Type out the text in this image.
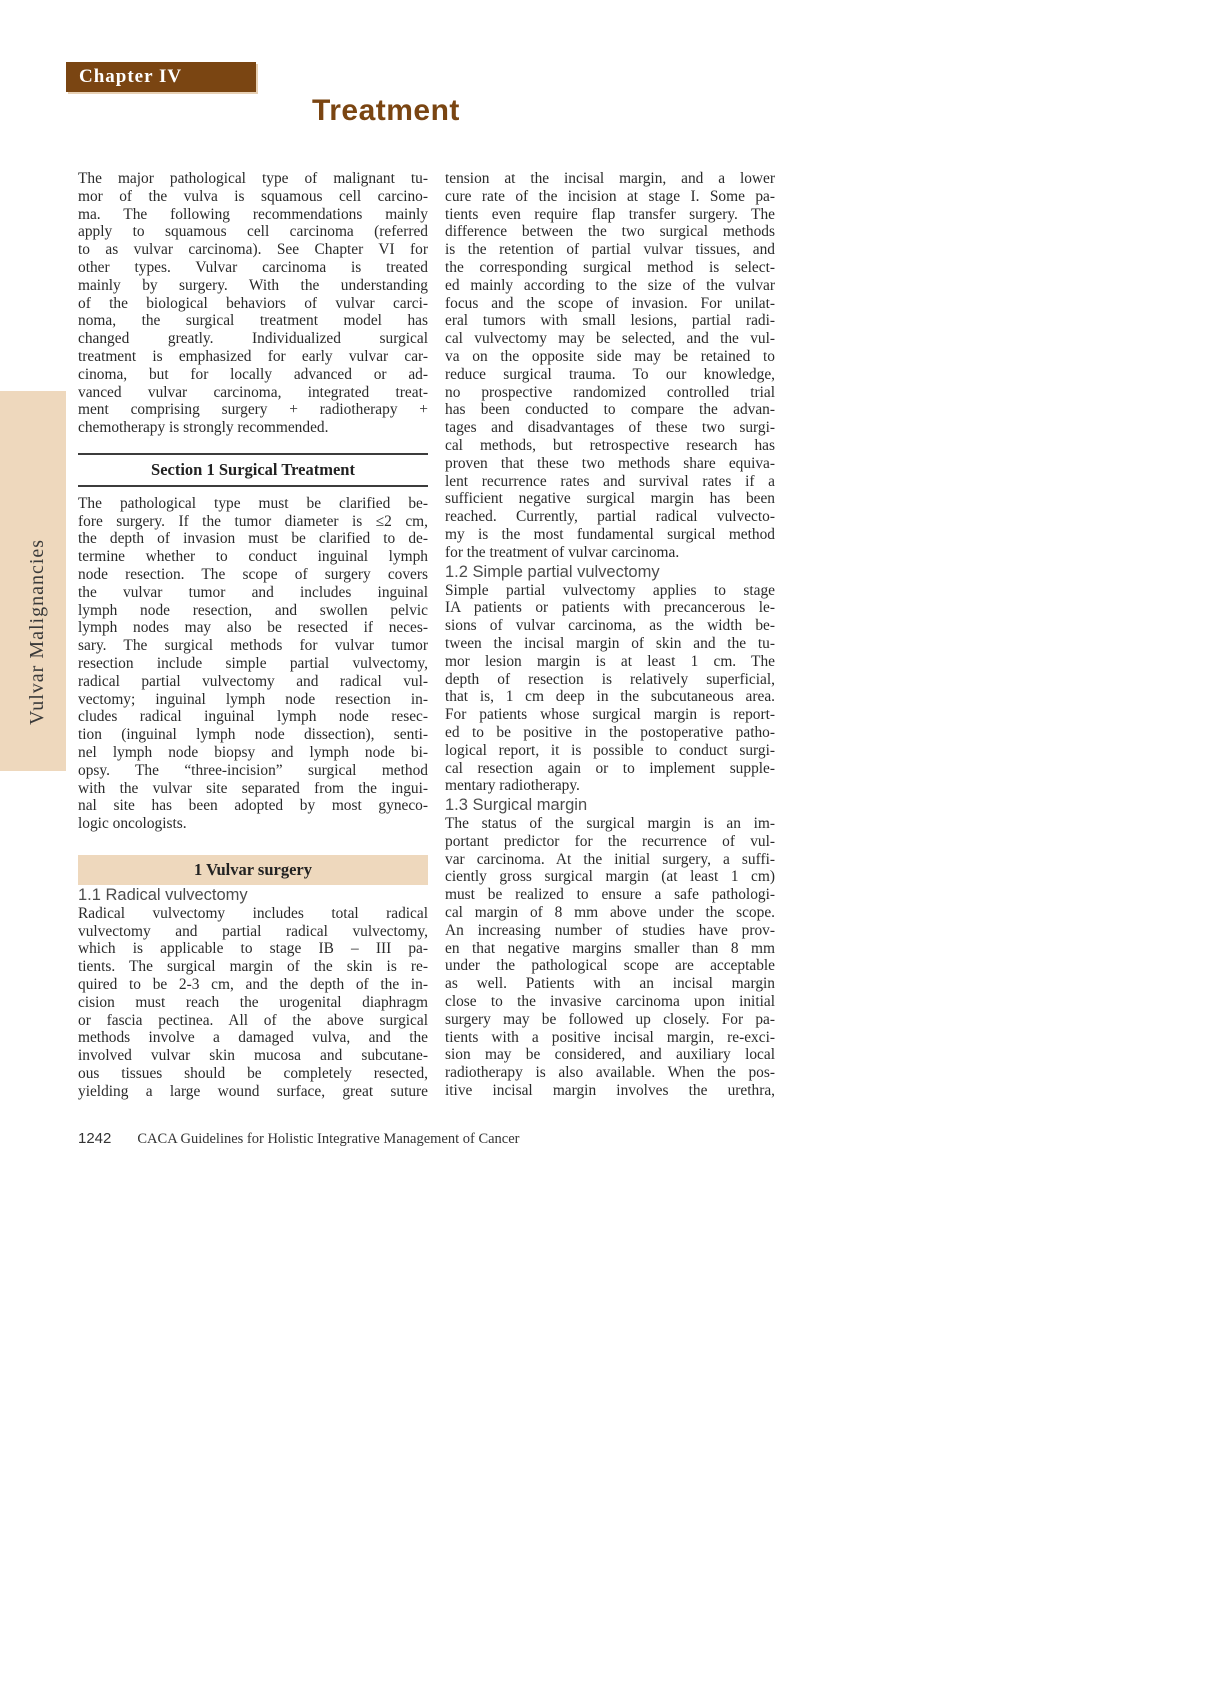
Chapter IV
Treatment
The major pathological type of malignant tu-
mor of the vulva is squamous cell carcino-
ma. The following recommendations mainly
apply to squamous cell carcinoma (referred
to as vulvar carcinoma). See Chapter VI for
other types. Vulvar carcinoma is treated
mainly by surgery. With the understanding
of the biological behaviors of vulvar carci-
noma, the surgical treatment model has
changed greatly. Individualized surgical
treatment is emphasized for early vulvar car-
cinoma, but for locally advanced or ad-
vanced vulvar carcinoma, integrated treat-
ment comprising surgery + radiotherapy +
chemotherapy is strongly recommended.
Section 1 Surgical Treatment
The pathological type must be clarified be-
fore surgery. If the tumor diameter is ≤2 cm,
the depth of invasion must be clarified to de-
termine whether to conduct inguinal lymph
node resection. The scope of surgery covers
the vulvar tumor and includes inguinal
lymph node resection, and swollen pelvic
lymph nodes may also be resected if neces-
sary. The surgical methods for vulvar tumor
resection include simple partial vulvectomy,
radical partial vulvectomy and radical vul-
vectomy; inguinal lymph node resection in-
cludes radical inguinal lymph node resec-
tion (inguinal lymph node dissection), senti-
nel lymph node biopsy and lymph node bi-
opsy. The “three-incision” surgical method
with the vulvar site separated from the ingui-
nal site has been adopted by most gyneco-
logic oncologists.
1 Vulvar surgery
1.1 Radical vulvectomy
Radical vulvectomy includes total radical
vulvectomy and partial radical vulvectomy,
which is applicable to stage IB – III pa-
tients. The surgical margin of the skin is re-
quired to be 2-3 cm, and the depth of the in-
cision must reach the urogenital diaphragm
or fascia pectinea. All of the above surgical
methods involve a damaged vulva, and the
involved vulvar skin mucosa and subcutane-
ous tissues should be completely resected,
yielding a large wound surface, great suture
tension at the incisal margin, and a lower
cure rate of the incision at stage I. Some pa-
tients even require flap transfer surgery. The
difference between the two surgical methods
is the retention of partial vulvar tissues, and
the corresponding surgical method is select-
ed mainly according to the size of the vulvar
focus and the scope of invasion. For unilat-
eral tumors with small lesions, partial radi-
cal vulvectomy may be selected, and the vul-
va on the opposite side may be retained to
reduce surgical trauma. To our knowledge,
no prospective randomized controlled trial
has been conducted to compare the advan-
tages and disadvantages of these two surgi-
cal methods, but retrospective research has
proven that these two methods share equiva-
lent recurrence rates and survival rates if a
sufficient negative surgical margin has been
reached. Currently, partial radical vulvecto-
my is the most fundamental surgical method
for the treatment of vulvar carcinoma.
1.2 Simple partial vulvectomy
Simple partial vulvectomy applies to stage
IA patients or patients with precancerous le-
sions of vulvar carcinoma, as the width be-
tween the incisal margin of skin and the tu-
mor lesion margin is at least 1 cm. The
depth of resection is relatively superficial,
that is, 1 cm deep in the subcutaneous area.
For patients whose surgical margin is report-
ed to be positive in the postoperative patho-
logical report, it is possible to conduct surgi-
cal resection again or to implement supple-
mentary radiotherapy.
1.3 Surgical margin
The status of the surgical margin is an im-
portant predictor for the recurrence of vul-
var carcinoma. At the initial surgery, a suffi-
ciently gross surgical margin (at least 1 cm)
must be realized to ensure a safe pathologi-
cal margin of 8 mm above under the scope.
An increasing number of studies have prov-
en that negative margins smaller than 8 mm
under the pathological scope are acceptable
as well. Patients with an incisal margin
close to the invasive carcinoma upon initial
surgery may be followed up closely. For pa-
tients with a positive incisal margin, re-exci-
sion may be considered, and auxiliary local
radiotherapy is also available. When the pos-
itive incisal margin involves the urethra,
Vulvar Malignancies
1242 CACA Guidelines for Holistic Integrative Management of Cancer
